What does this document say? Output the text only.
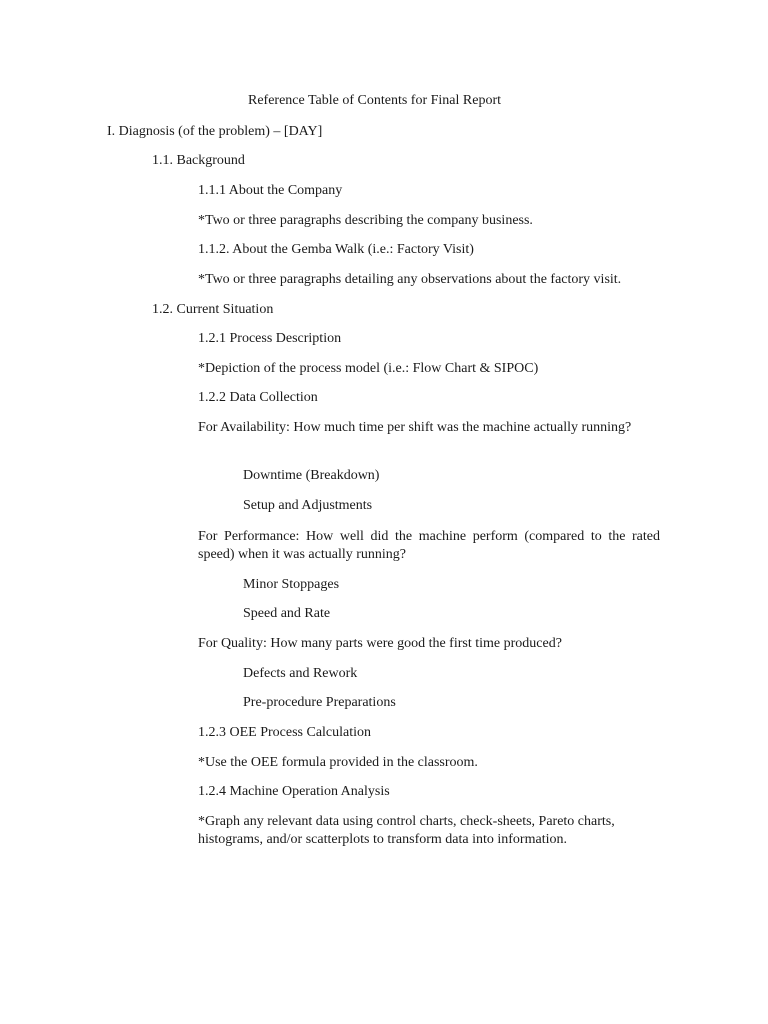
Reference Table of Contents for Final Report
I. Diagnosis (of the problem) – [DAY]
1.1. Background
1.1.1 About the Company
*Two or three paragraphs describing the company business.
1.1.2. About the Gemba Walk (i.e.: Factory Visit)
*Two or three paragraphs detailing any observations about the factory visit.
1.2. Current Situation
1.2.1 Process Description
*Depiction of the process model (i.e.: Flow Chart & SIPOC)
1.2.2 Data Collection
For Availability: How much time per shift was the machine actually running?
Downtime (Breakdown)
Setup and Adjustments
For Performance: How well did the machine perform (compared to the rated speed) when it was actually running?
Minor Stoppages
Speed and Rate
For Quality: How many parts were good the first time produced?
Defects and Rework
Pre-procedure Preparations
1.2.3 OEE Process Calculation
*Use the OEE formula provided in the classroom.
1.2.4 Machine Operation Analysis
*Graph any relevant data using control charts, check-sheets, Pareto charts, histograms, and/or scatterplots to transform data into information.
